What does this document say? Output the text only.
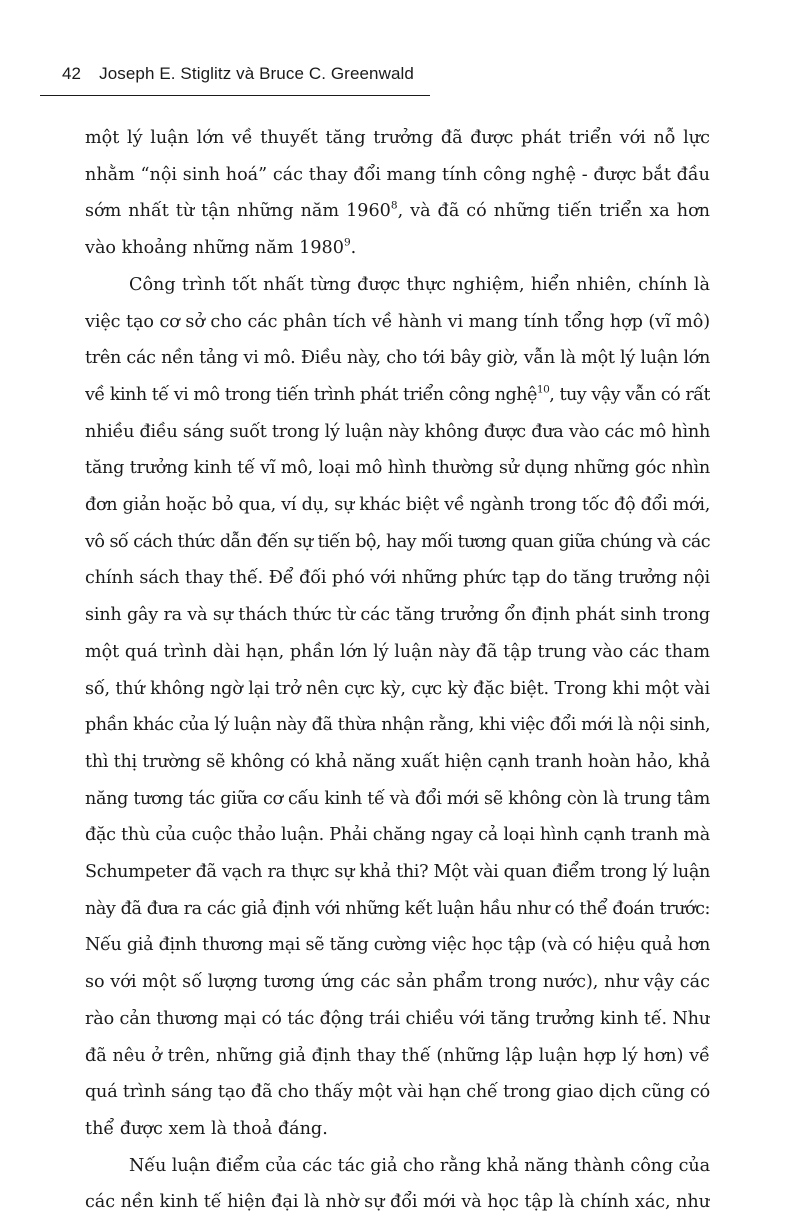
42 Joseph E. Stiglitz và Bruce C. Greenwald
một lý luận lớn về thuyết tăng trưởng đã được phát triển với nỗ lực
nhằm “nội sinh hoá” các thay đổi mang tính công nghệ - được bắt đầu
sớm nhất từ tận những năm 1960$^8$, và đã có những tiến triển xa hơn
vào khoảng những năm 1980$^9$.
Công trình tốt nhất từng được thực nghiệm, hiển nhiên, chính là
việc tạo cơ sở cho các phân tích về hành vi mang tính tổng hợp (vĩ mô)
trên các nền tảng vi mô. Điều này, cho tới bây giờ, vẫn là một lý luận lớn
về kinh tế vi mô trong tiến trình phát triển công nghệ$^{10}$, tuy vậy vẫn có rất
nhiều điều sáng suốt trong lý luận này không được đưa vào các mô hình
tăng trưởng kinh tế vĩ mô, loại mô hình thường sử dụng những góc nhìn
đơn giản hoặc bỏ qua, ví dụ, sự khác biệt về ngành trong tốc độ đổi mới,
vô số cách thức dẫn đến sự tiến bộ, hay mối tương quan giữa chúng và các
chính sách thay thế. Để đối phó với những phức tạp do tăng trưởng nội
sinh gây ra và sự thách thức từ các tăng trưởng ổn định phát sinh trong
một quá trình dài hạn, phần lớn lý luận này đã tập trung vào các tham
số, thứ không ngờ lại trở nên cực kỳ, cực kỳ đặc biệt. Trong khi một vài
phần khác của lý luận này đã thừa nhận rằng, khi việc đổi mới là nội sinh,
thì thị trường sẽ không có khả năng xuất hiện cạnh tranh hoàn hảo, khả
năng tương tác giữa cơ cấu kinh tế và đổi mới sẽ không còn là trung tâm
đặc thù của cuộc thảo luận. Phải chăng ngay cả loại hình cạnh tranh mà
Schumpeter đã vạch ra thực sự khả thi? Một vài quan điểm trong lý luận
này đã đưa ra các giả định với những kết luận hầu như có thể đoán trước:
Nếu giả định thương mại sẽ tăng cường việc học tập (và có hiệu quả hơn
so với một số lượng tương ứng các sản phẩm trong nước), như vậy các
rào cản thương mại có tác động trái chiều với tăng trưởng kinh tế. Như
đã nêu ở trên, những giả định thay thế (những lập luận hợp lý hơn) về
quá trình sáng tạo đã cho thấy một vài hạn chế trong giao dịch cũng có
thể được xem là thoả đáng.
Nếu luận điểm của các tác giả cho rằng khả năng thành công của
các nền kinh tế hiện đại là nhờ sự đổi mới và học tập là chính xác, như
